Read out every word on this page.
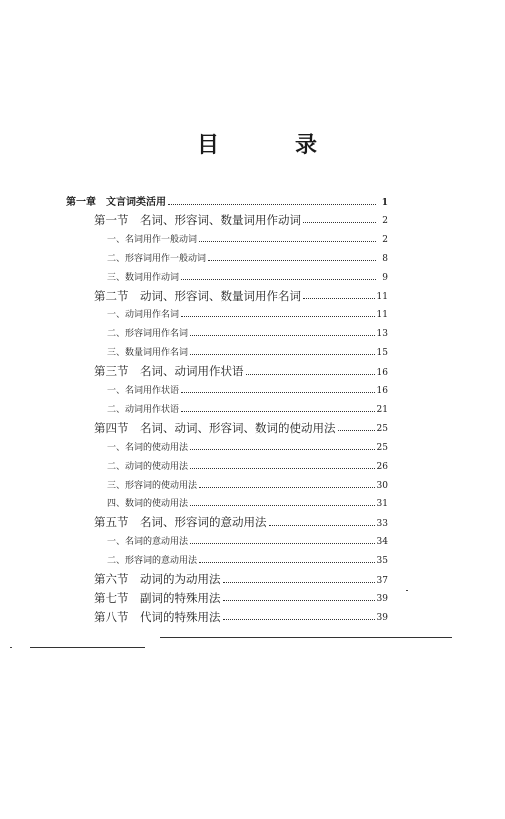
目	录
第一章　文言词类活用	1
第一节　名词、形容词、数量词用作动词	2
一、名词用作一般动词	2
二、形容词用作一般动词	8
三、数词用作动词	9
第二节　动词、形容词、数量词用作名词	11
一、动词用作名词	11
二、形容词用作名词	13
三、数量词用作名词	15
第三节　名词、动词用作状语	16
一、名词用作状语	16
二、动词用作状语	21
第四节　名词、动词、形容词、数词的使动用法	25
一、名词的使动用法	25
二、动词的使动用法	26
三、形容词的使动用法	30
四、数词的使动用法	31
第五节　名词、形容词的意动用法	33
一、名词的意动用法	34
二、形容词的意动用法	35
第六节　动词的为动用法	37
第七节　副词的特殊用法	39
第八节　代词的特殊用法	39
